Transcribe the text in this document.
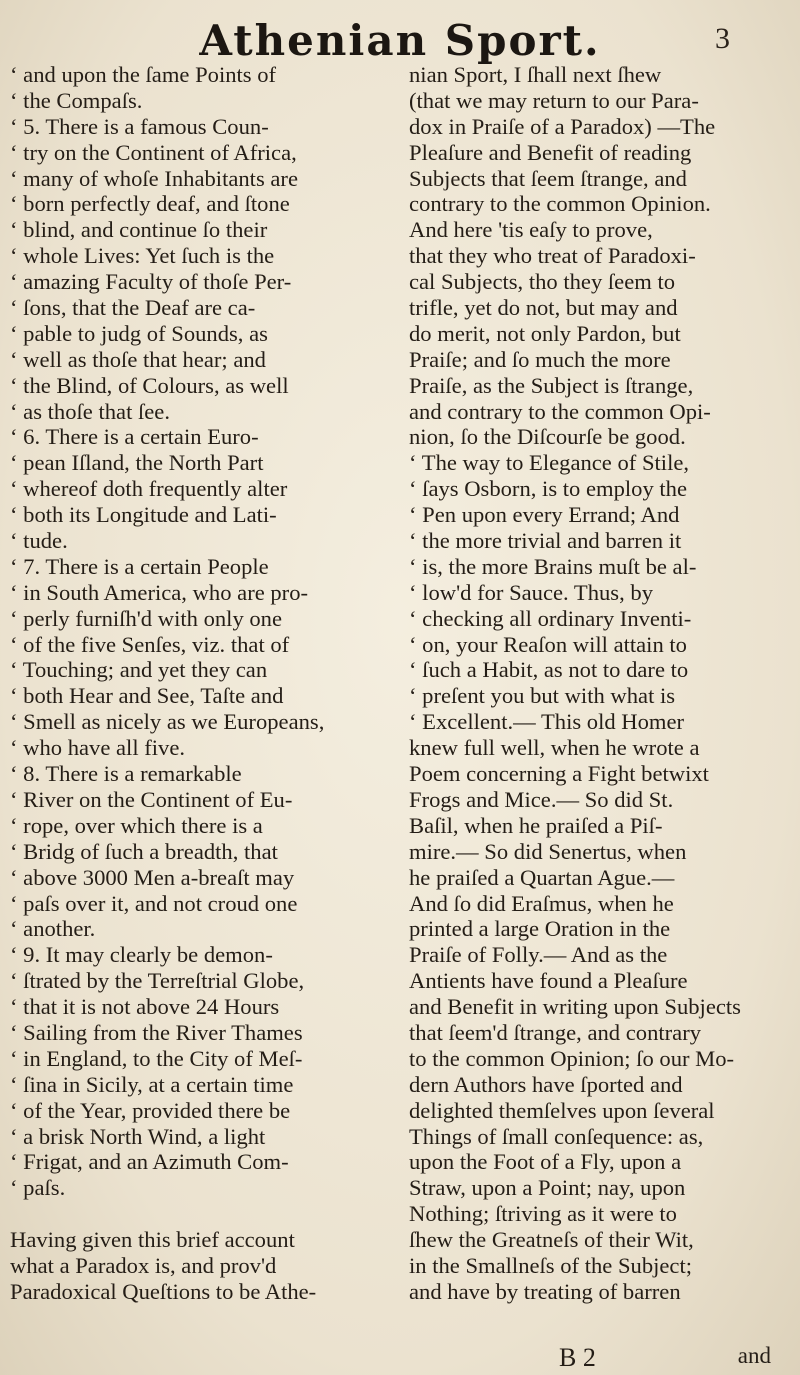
Athenian Sport.	3
‘ and upon the ſame Points of
‘ the Compaſs.
‘ 5. There is a famous Coun-
‘ try on the Continent of Africa,
‘ many of whoſe Inhabitants are
‘ born perfectly deaf, and ſtone
‘ blind, and continue ſo their
‘ whole Lives: Yet ſuch is the
‘ amazing Faculty of thoſe Per-
‘ ſons, that the Deaf are ca-
‘ pable to judg of Sounds, as
‘ well as thoſe that hear; and
‘ the Blind, of Colours, as well
‘ as thoſe that ſee.
‘ 6. There is a certain Euro-
‘ pean Iſland, the North Part
‘ whereof doth frequently alter
‘ both its Longitude and Lati-
‘ tude.
‘ 7. There is a certain People
‘ in South America, who are pro-
‘ perly furniſh'd with only one
‘ of the five Senſes, viz. that of
‘ Touching; and yet they can
‘ both Hear and See, Taſte and
‘ Smell as nicely as we Europeans,
‘ who have all five.
‘ 8. There is a remarkable
‘ River on the Continent of Eu-
‘ rope, over which there is a
‘ Bridg of ſuch a breadth, that
‘ above 3000 Men a-breaſt may
‘ paſs over it, and not croud one
‘ another.
‘ 9. It may clearly be demon-
‘ ſtrated by the Terreſtrial Globe,
‘ that it is not above 24 Hours
‘ Sailing from the River Thames
‘ in England, to the City of Meſ-
‘ ſina in Sicily, at a certain time
‘ of the Year, provided there be
‘ a brisk North Wind, a light
‘ Frigat, and an Azimuth Com-
‘ paſs.
Having given this brief account
what a Paradox is, and prov'd
Paradoxical Queſtions to be Athe-
nian Sport, I ſhall next ſhew
(that we may return to our Para-
dox in Praiſe of a Paradox) —The
Pleaſure and Benefit of reading
Subjects that ſeem ſtrange, and
contrary to the common Opinion.
And here 'tis eaſy to prove,
that they who treat of Paradoxi-
cal Subjects, tho they ſeem to
trifle, yet do not, but may and
do merit, not only Pardon, but
Praiſe; and ſo much the more
Praiſe, as the Subject is ſtrange,
and contrary to the common Opi-
nion, ſo the Diſcourſe be good.
‘ The way to Elegance of Stile,
‘ ſays Osborn, is to employ the
‘ Pen upon every Errand; And
‘ the more trivial and barren it
‘ is, the more Brains muſt be al-
‘ low'd for Sauce. Thus, by
‘ checking all ordinary Inventi-
‘ on, your Reaſon will attain to
‘ ſuch a Habit, as not to dare to
‘ preſent you but with what is
‘ Excellent.— This old Homer
knew full well, when he wrote a
Poem concerning a Fight betwixt
Frogs and Mice.— So did St.
Baſil, when he praiſed a Piſ-
mire.— So did Senertus, when
he praiſed a Quartan Ague.—
And ſo did Eraſmus, when he
printed a large Oration in the
Praiſe of Folly.— And as the
Antients have found a Pleaſure
and Benefit in writing upon Subjects
that ſeem'd ſtrange, and contrary
to the common Opinion; ſo our Mo-
dern Authors have ſported and
delighted themſelves upon ſeveral
Things of ſmall conſequence: as,
upon the Foot of a Fly, upon a
Straw, upon a Point; nay, upon
Nothing; ſtriving as it were to
ſhew the Greatneſs of their Wit,
in the Smallneſs of the Subject;
and have by treating of barren
B 2	and
